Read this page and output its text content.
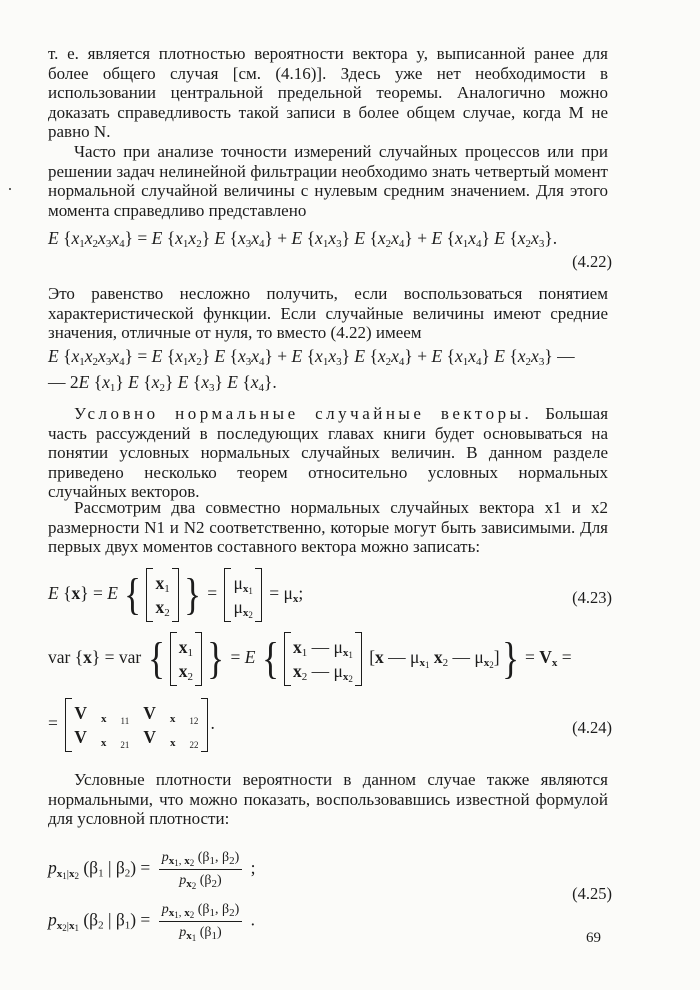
т. е. является плотностью вероятности вектора y, выписанной ранее для более общего случая [см. (4.16)]. Здесь уже нет необходимости в использовании центральной предельной теоремы. Аналогично можно доказать справедливость такой записи в более общем случае, когда M не равно N.

Часто при анализе точности измерений случайных процессов или при решении задач нелинейной фильтрации необходимо знать четвертый момент нормальной случайной величины с нулевым средним значением. Для этого момента справедливо представлено

E $\{x_1x_2x_3x_4\} = E$ $\{x_1x_2\}$ E $\{x_3x_4\} + E$ $\{x_1x_3\}$ E $\{x_2x_4\} + E$ $\{x_1x_4\}$ E $\{x_2x_3\}$.
(4.22)

Это равенство несложно получить, если воспользоваться понятием характеристической функции. Если случайные величины имеют средние значения, отличные от нуля, то вместо (4.22) имеем

E $\{x_1x_2x_3x_4\} = E$ $\{x_1x_2\}$ E $\{x_3x_4\} + E$ $\{x_1x_3\}$ E $\{x_2x_4\} + E$ $\{x_1x_4\}$ E $\{x_2x_3\}$ —
— 2E $\{x_1\}$ E $\{x_2\}$ E $\{x_3\}$ E $\{x_4\}$.

Условно нормальные случайные векторы. Большая часть рассуждений в последующих главах книги будет основываться на понятии условных нормальных случайных величин. В данном разделе приведено несколько теорем относительно условных нормальных случайных векторов.

Рассмотрим два совместно нормальных случайных вектора x1 и x2 размерности N1 и N2 соответственно, которые могут быть зависимыми. Для первых двух моментов составного вектора можно записать:

E {x} = E { $x_1$
$x_2$ } =
$\mu_{x_1}$
$\mu_{x_2}$
= $\mu_x$;	(4.23)
var {x} = var { $x_1$
$x_2$ } = E { $x_1$ — $\mu_{x_1}$
$x_2$ — $\mu_{x_2}$
[x — $\mu_{x_1}$ $x_2$ — $\mu_{x_2}]\} = V_x$ =
=
V $_{x _{11}}$ V $_{x _{12}}$
V $_{x _{21}}$ V $_{x _{22}}$
.	(4.24)

Условные плотности вероятности в данном случае также являются нормальными, что можно показать, воспользовавшись известной формулой для условной плотности:

$p_{x_1|x_2}$ ($\beta_1$ | $\beta_2) = \frac{p_{x_1, x_2} (\beta_1, \beta_2)}{p_{x_2} (\beta_2)}$ ;
$p_{x_2|x_1}$ ($\beta_2$ | $\beta_1) = \frac{p_{x_1, x_2} (\beta_1, \beta_2)}{p_{x_1} (\beta_1)}$ .
(4.25)
69
